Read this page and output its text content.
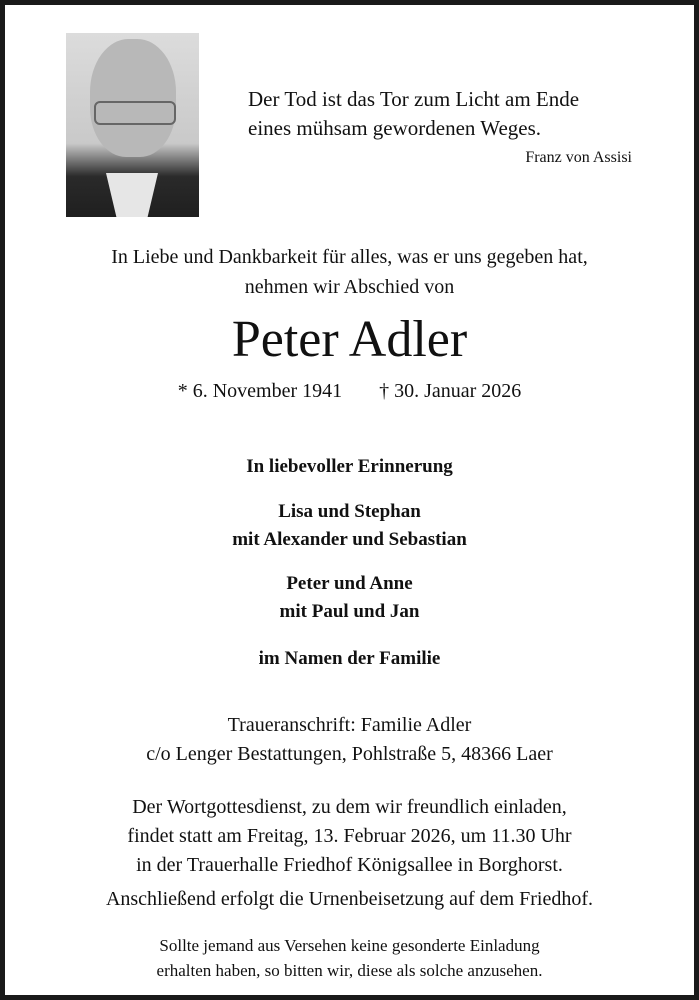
Der Tod ist das Tor zum Licht am Ende
eines mühsam gewordenen Weges.
Franz von Assisi
In Liebe und Dankbarkeit für alles, was er uns gegeben hat,
nehmen wir Abschied von
Peter Adler
* 6. November 1941 † 30. Januar 2026
In liebevoller Erinnerung
Lisa und Stephan
mit Alexander und Sebastian
Peter und Anne
mit Paul und Jan
im Namen der Familie
Traueranschrift: Familie Adler
c/o Lenger Bestattungen, Pohlstraße 5, 48366 Laer
Der Wortgottesdienst, zu dem wir freundlich einladen,
findet statt am Freitag, 13. Februar 2026, um 11.30 Uhr
in der Trauerhalle Friedhof Königsallee in Borghorst.
Anschließend erfolgt die Urnenbeisetzung auf dem Friedhof.
Sollte jemand aus Versehen keine gesonderte Einladung
erhalten haben, so bitten wir, diese als solche anzusehen.
